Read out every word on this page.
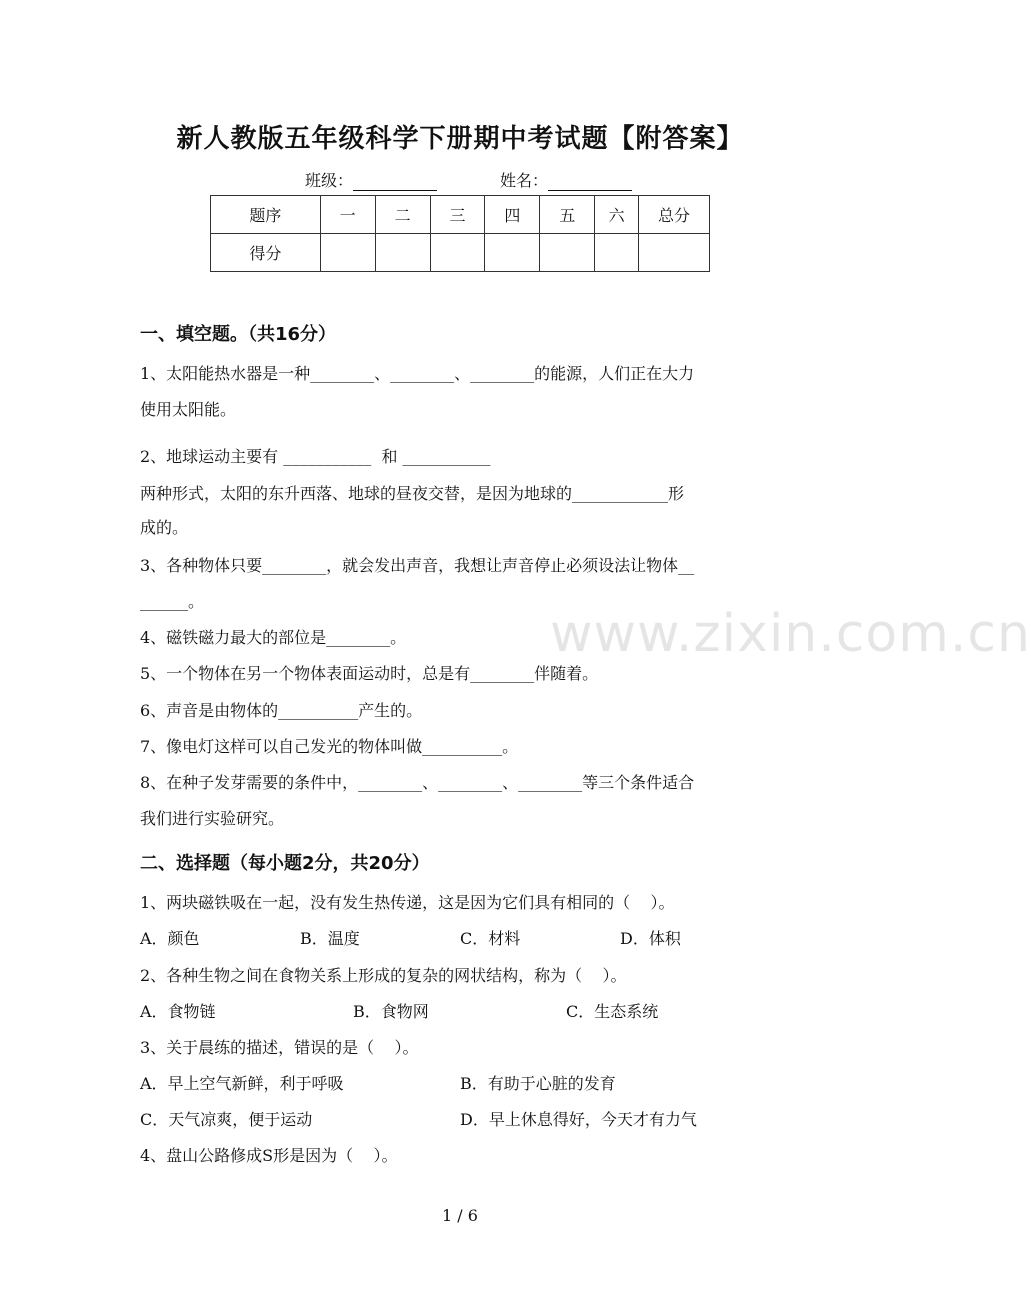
新人教版五年级科学下册期中考试题【附答案】
班级：	姓名：
题序	一	二	三	四	五	六	总分
得分							
一、填空题。（共16分）
1、太阳能热水器是一种________、________、________的能源，人们正在大力
使用太阳能。
2、地球运动主要有 ___________  和 ___________
两种形式，太阳的东升西落、地球的昼夜交替，是因为地球的____________形
成的。
3、各种物体只要________，就会发出声音，我想让声音停止必须设法让物体__
______。
4、磁铁磁力最大的部位是________。
5、一个物体在另一个物体表面运动时，总是有________伴随着。
6、声音是由物体的__________产生的。
7、像电灯这样可以自己发光的物体叫做__________。
8、在种子发芽需要的条件中，________、________、________等三个条件适合
我们进行实验研究。
二、选择题（每小题2分，共20分）
1、两块磁铁吸在一起，没有发生热传递，这是因为它们具有相同的（    ）。
A．颜色	B．温度	C．材料	D．体积
2、各种生物之间在食物关系上形成的复杂的网状结构，称为（    ）。
A．食物链	B．食物网	C．生态系统
3、关于晨练的描述，错误的是（    ）。
A．早上空气新鲜，利于呼吸	B．有助于心脏的发育
C．天气凉爽，便于运动	D．早上休息得好，今天才有力气
4、盘山公路修成S形是因为（    ）。
www.zixin.com.cn
1 / 6
